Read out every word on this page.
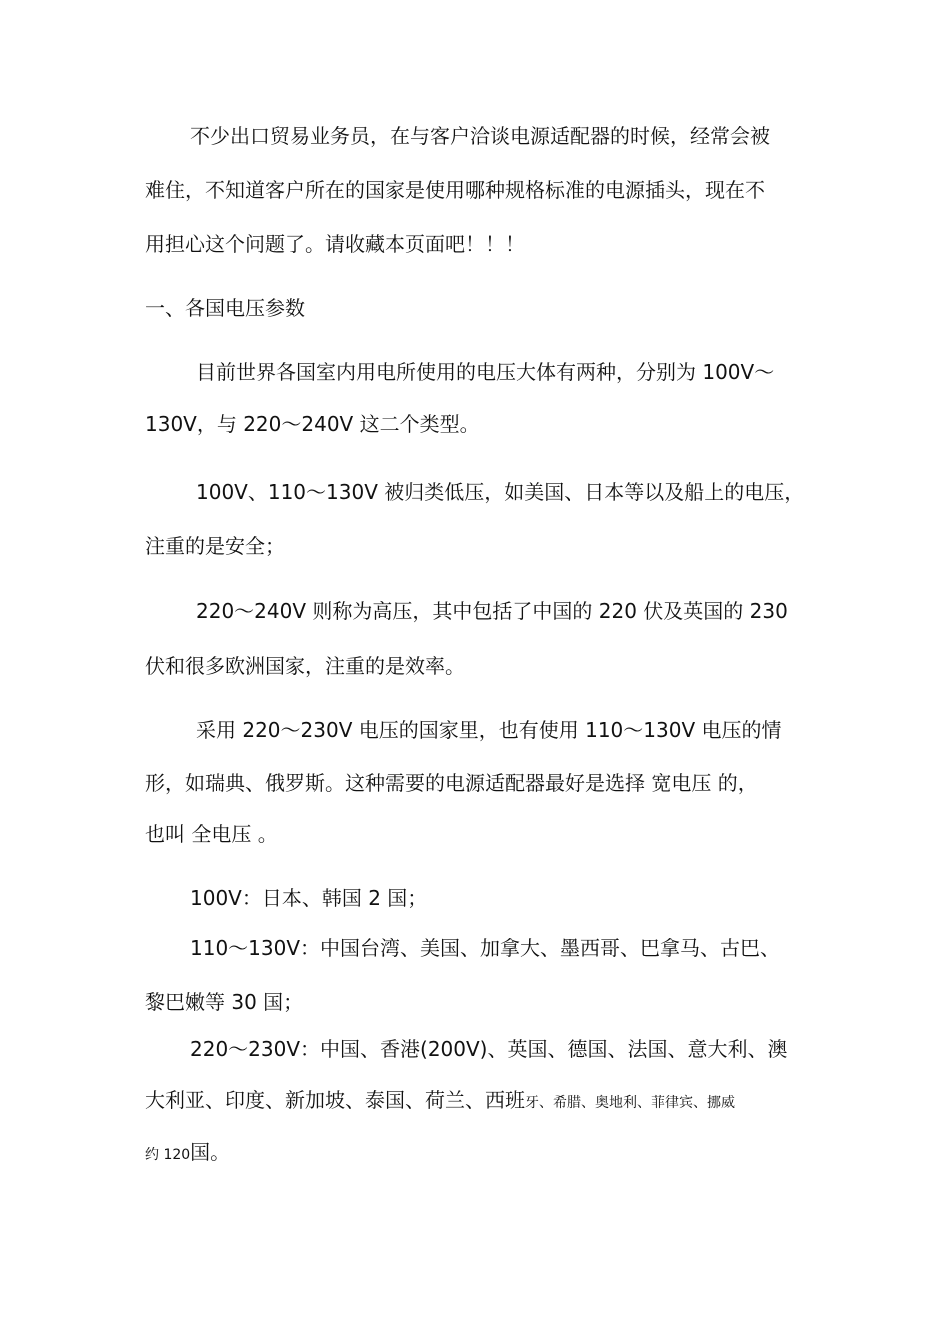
不少出口贸易业务员，在与客户洽谈电源适配器的时候，经常会被
难住，不知道客户所在的国家是使用哪种规格标准的电源插头，现在不
用担心这个问题了。请收藏本页面吧！！！
一、各国电压参数
目前世界各国室内用电所使用的电压大体有两种，分别为 100V～
130V，与 220～240V 这二个类型。
100V、110～130V 被归类低压，如美国、日本等以及船上的电压，
注重的是安全；
220～240V 则称为高压，其中包括了中国的 220 伏及英国的 230
伏和很多欧洲国家，注重的是效率。
采用 220～230V 电压的国家里，也有使用 110～130V 电压的情
形，如瑞典、俄罗斯。这种需要的电源适配器最好是选择 宽电压 的，
也叫 全电压 。
100V：日本、韩国 2 国；
110～130V：中国台湾、美国、加拿大、墨西哥、巴拿马、古巴、
黎巴嫩等 30 国；
220～230V：中国、香港(200V)、英国、德国、法国、意大利、澳
大利亚、印度、新加坡、泰国、荷兰、西班牙、希腊、奥地利、菲律宾、挪威
约 120国。
